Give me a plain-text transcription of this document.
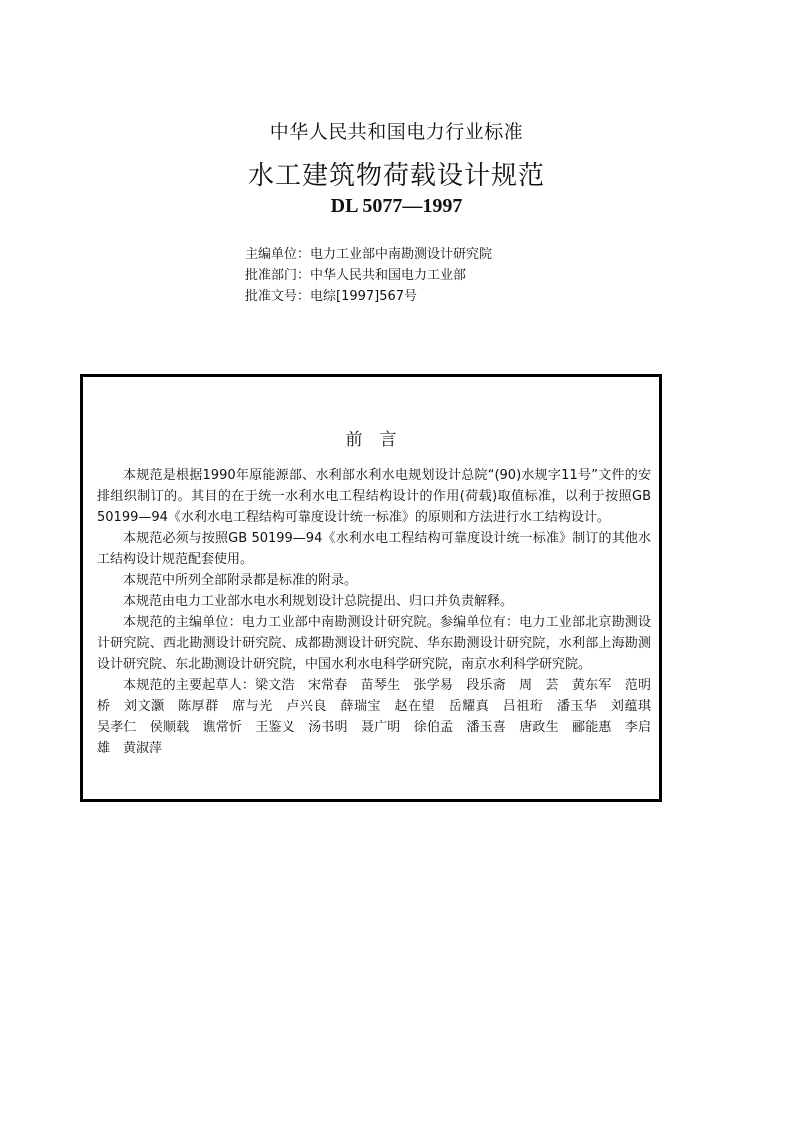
中华人民共和国电力行业标准
水工建筑物荷载设计规范
DL 5077—1997
主编单位：电力工业部中南勘测设计研究院
批准部门：中华人民共和国电力工业部
批准文号：电综[1997]567号
前　言

本规范是根据1990年原能源部、水利部水利水电规划设计总院“(90)水规字11号”文件的安排组织制订的。其目的在于统一水利水电工程结构设计的作用(荷载)取值标准，以利于按照GB 50199—94《水利水电工程结构可靠度设计统一标准》的原则和方法进行水工结构设计。

本规范必须与按照GB 50199—94《水利水电工程结构可靠度设计统一标准》制订的其他水工结构设计规范配套使用。

本规范中所列全部附录都是标准的附录。

本规范由电力工业部水电水利规划设计总院提出、归口并负责解释。

本规范的主编单位：电力工业部中南勘测设计研究院。参编单位有：电力工业部北京勘测设计研究院、西北勘测设计研究院、成都勘测设计研究院、华东勘测设计研究院，水利部上海勘测设计研究院、东北勘测设计研究院，中国水利水电科学研究院，南京水利科学研究院。

本规范的主要起草人：梁文浩　宋常春　苗琴生　张学易　段乐斋　周　芸　黄东军　范明桥　刘文灏　陈厚群　席与光　卢兴良　薛瑞宝　赵在望　岳耀真　吕祖珩　潘玉华　刘蕴琪　吴孝仁　侯顺载　谯常忻　王鉴义　汤书明　聂广明　徐伯孟　潘玉喜　唐政生　郦能惠　李启雄　黄淑萍
